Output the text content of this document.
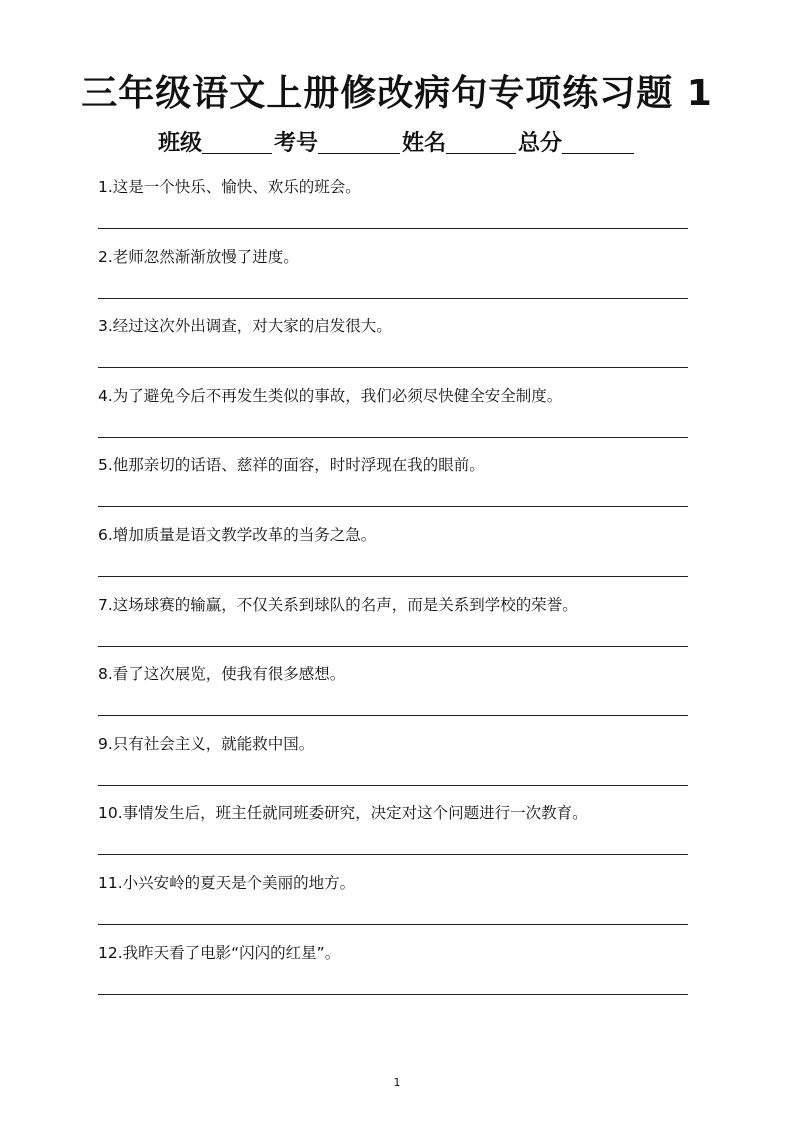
三年级语文上册修改病句专项练习题 1
班级	考号	姓名	总分
1.这是一个快乐、愉快、欢乐的班会。
2.老师忽然渐渐放慢了进度。
3.经过这次外出调查，对大家的启发很大。
4.为了避免今后不再发生类似的事故，我们必须尽快健全安全制度。
5.他那亲切的话语、慈祥的面容，时时浮现在我的眼前。
6.增加质量是语文教学改革的当务之急。
7.这场球赛的输赢，不仅关系到球队的名声，而是关系到学校的荣誉。
8.看了这次展览，使我有很多感想。
9.只有社会主义，就能救中国。
10.事情发生后，班主任就同班委研究，决定对这个问题进行一次教育。
11.小兴安岭的夏天是个美丽的地方。
12.我昨天看了电影“闪闪的红星”。
1
